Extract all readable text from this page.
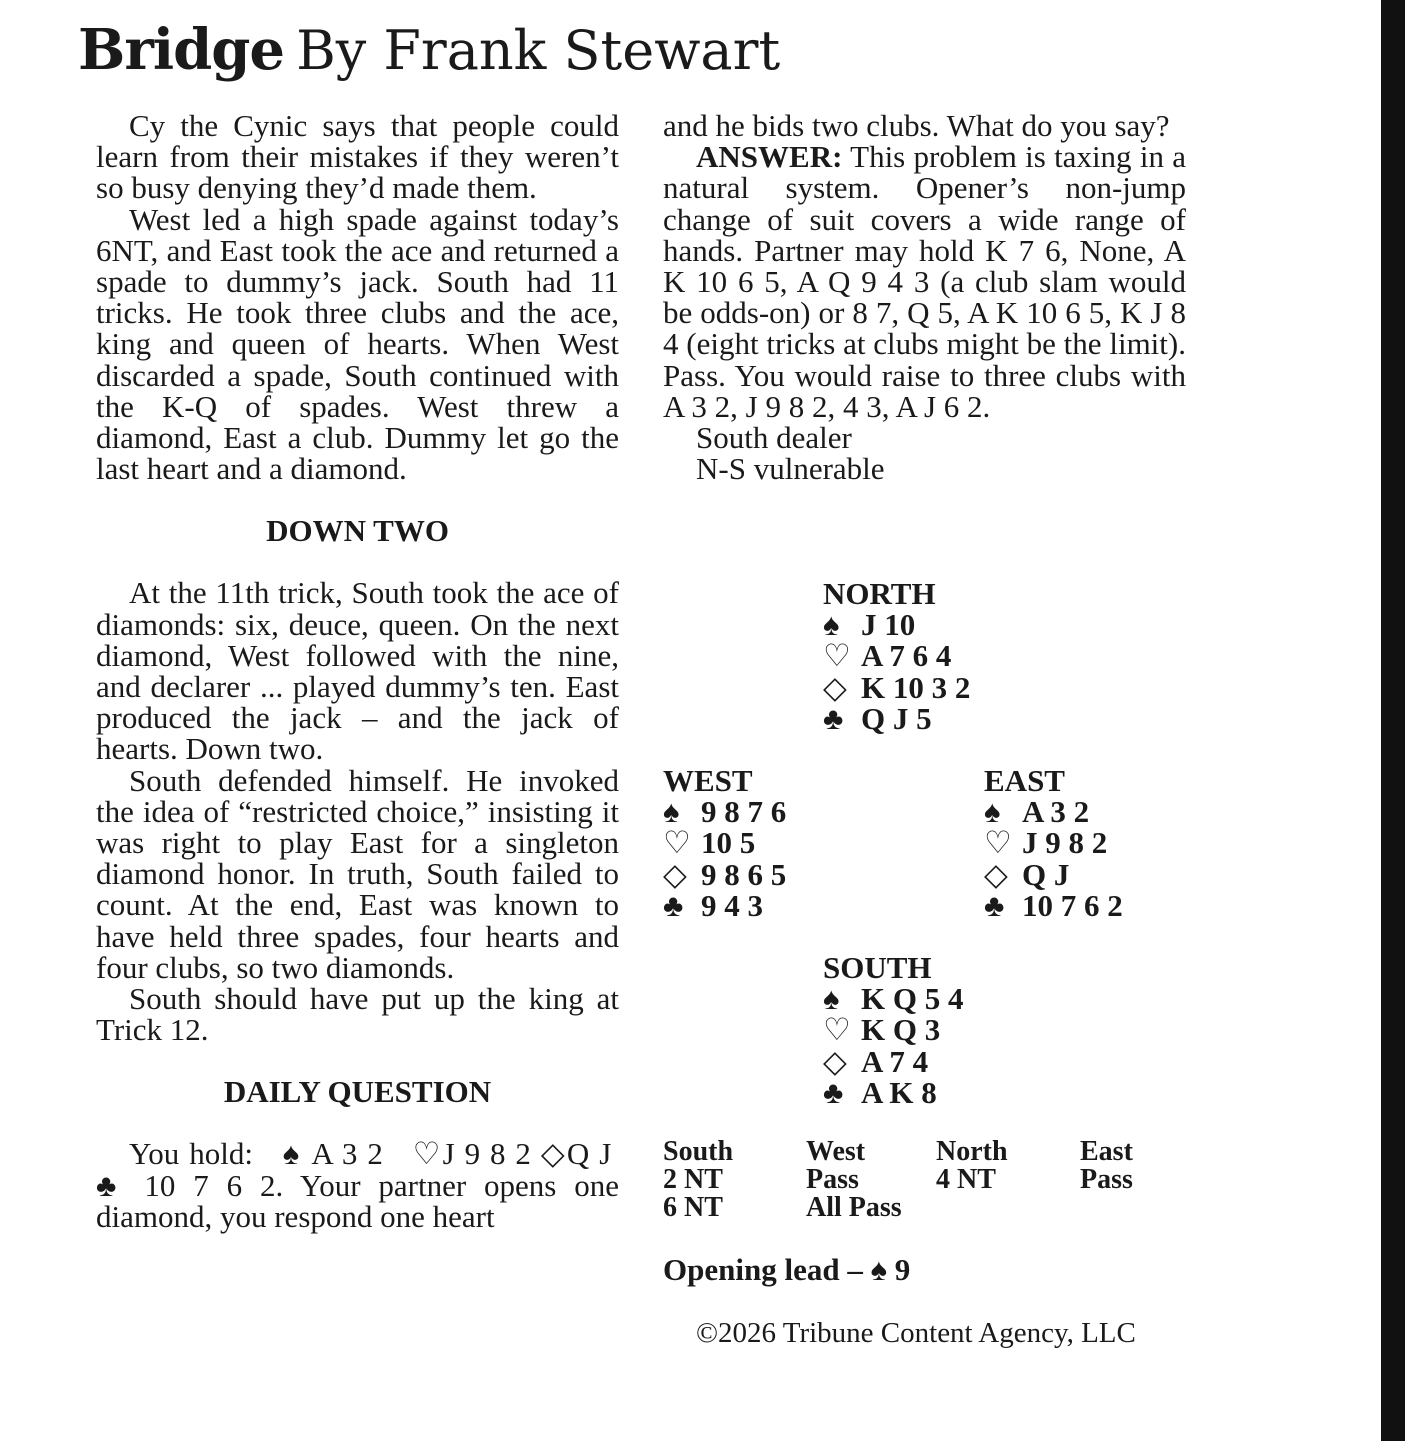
Bridge By Frank Stewart

Cy the Cynic says that people could learn from their mistakes if they weren’t so busy denying they’d made them.

West led a high spade against today’s 6NT, and East took the ace and returned a spade to dummy’s jack. South had 11 tricks. He took three clubs and the ace, king and queen of hearts. When West discarded a spade, South continued with the K-Q of spades. West threw a diamond, East a club. Dummy let go the last heart and a diamond.

DOWN TWO

At the 11th trick, South took the ace of diamonds: six, deuce, queen. On the next diamond, West followed with the nine, and declarer ... played dummy’s ten. East produced the jack – and the jack of hearts. Down two.

South defended himself. He invoked the idea of “restricted choice,” insisting it was right to play East for a singleton diamond honor. In truth, South failed to count. At the end, East was known to have held three spades, four hearts and four clubs, so two diamonds.

South should have put up the king at Trick 12.

DAILY QUESTION

You hold: ♠ A 3 2 ♡J 9 8 2 ◇Q J  ♣ 10 7 6 2. Your partner opens one diamond, you respond one heart

and he bids two clubs. What do you say?

ANSWER: This problem is taxing in a natural system. Opener’s non-jump change of suit covers a wide range of hands. Partner may hold K 7 6, None, A K 10 6 5, A Q 9 4 3 (a club slam would be odds-on) or 8 7, Q 5, A K 10 6 5, K J 8 4 (eight tricks at clubs might be the limit). Pass. You would raise to three clubs with A 3 2, J 9 8 2, 4 3, A J 6 2.

South dealer
N-S vulnerable
NORTH
♠ J 10
♡ A 7 6 4
◇ K 10 3 2
♣ Q J 5
WEST
♠ 9 8 7 6
♡ 10 5
◇ 9 8 6 5
♣ 9 4 3
EAST
♠ A 3 2
♡ J 9 8 2
◇ Q J
♣ 10 7 6 2
SOUTH
♠ K Q 5 4
♡ K Q 3
◇ A 7 4
♣ A K 8
South	West	North	East
2 NT	Pass	4 NT	Pass
6 NT	All Pass
Opening lead – ♠ 9
©2026 Tribune Content Agency, LLC
